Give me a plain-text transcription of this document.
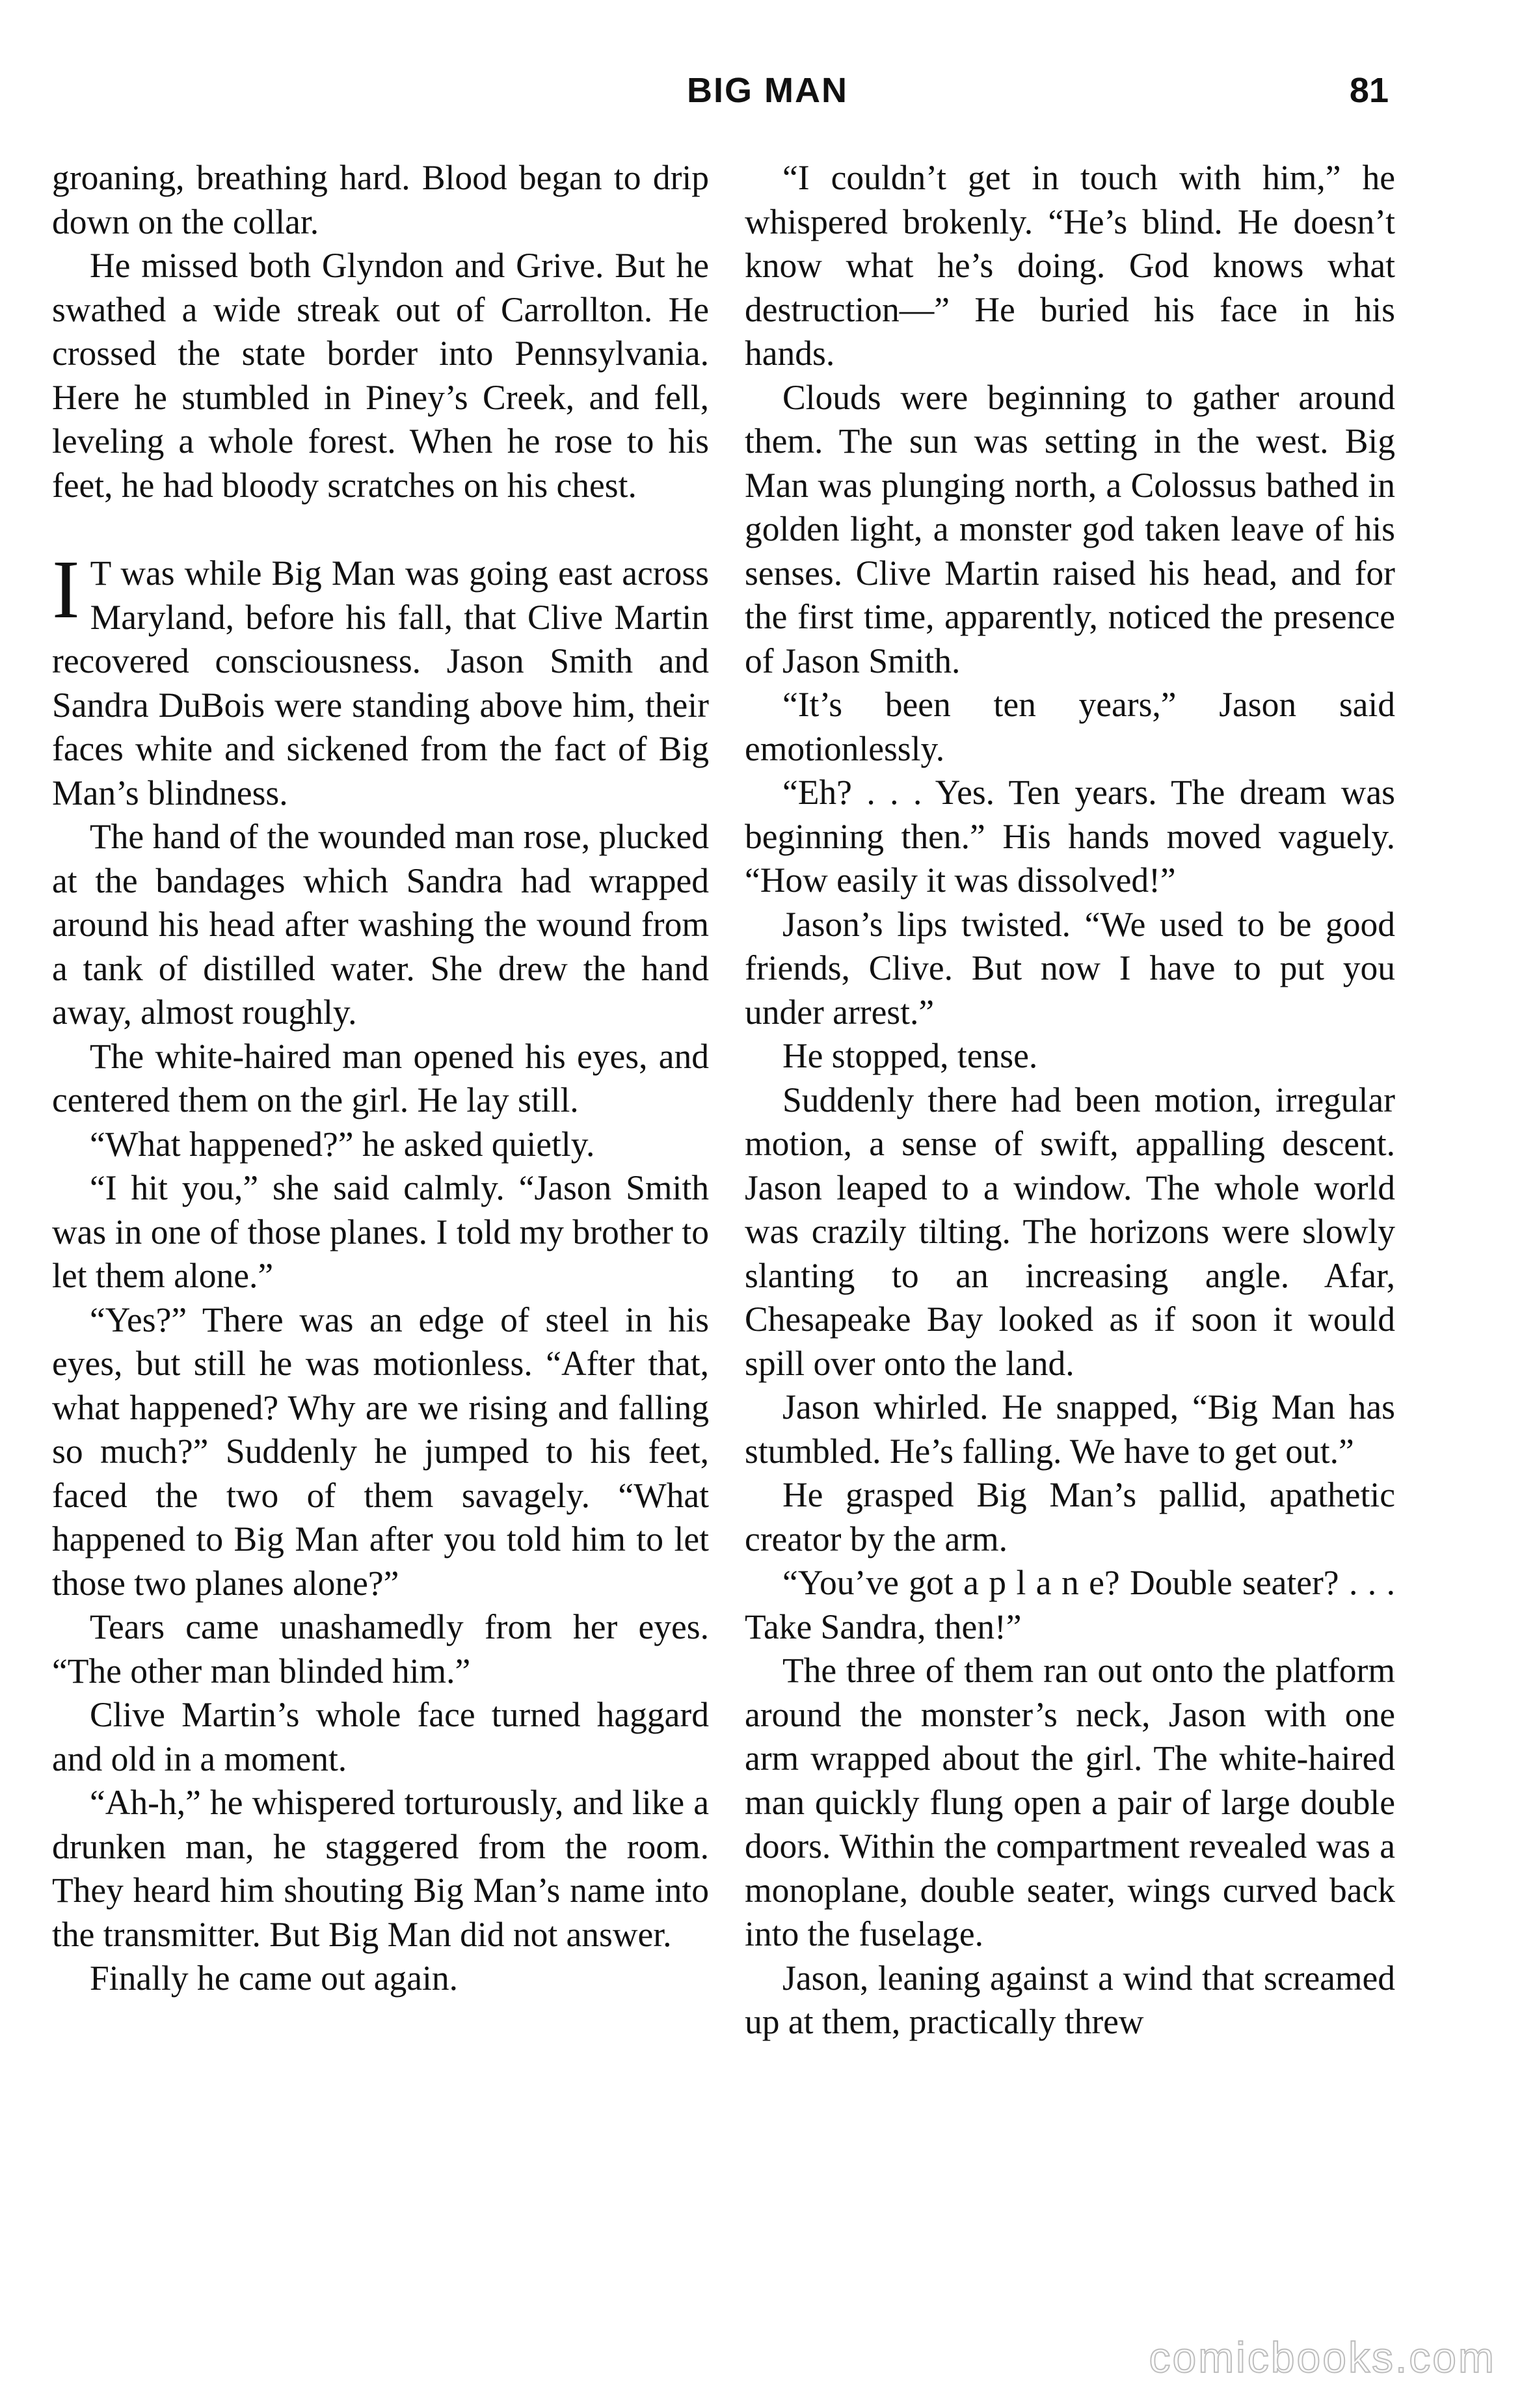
BIG MAN	81

groaning, breathing hard. Blood began to drip down on the collar.

He missed both Glyndon and Grive. But he swathed a wide streak out of Carrollton. He crossed the state border into Pennsylvania. Here he stumbled in Piney’s Creek, and fell, leveling a whole forest. When he rose to his feet, he had bloody scratches on his chest.

I T was while Big Man was going east across Maryland, before his fall, that Clive Martin recovered consciousness. Jason Smith and Sandra DuBois were standing above him, their faces white and sickened from the fact of Big Man’s blindness.

The hand of the wounded man rose, plucked at the bandages which Sandra had wrapped around his head after washing the wound from a tank of distilled water. She drew the hand away, almost roughly.

The white-haired man opened his eyes, and centered them on the girl. He lay still.

“What happened?” he asked quietly.

“I hit you,” she said calmly. “Jason Smith was in one of those planes. I told my brother to let them alone.”

“Yes?” There was an edge of steel in his eyes, but still he was motionless. “After that, what happened? Why are we rising and falling so much?” Suddenly he jumped to his feet, faced the two of them savagely. “What happened to Big Man after you told him to let those two planes alone?”

Tears came unashamedly from her eyes. “The other man blinded him.”

Clive Martin’s whole face turned haggard and old in a moment.

“Ah-h,” he whispered torturously, and like a drunken man, he staggered from the room. They heard him shouting Big Man’s name into the transmitter. But Big Man did not answer.

Finally he came out again.

“I couldn’t get in touch with him,” he whispered brokenly. “He’s blind. He doesn’t know what he’s doing. God knows what destruction—” He buried his face in his hands.

Clouds were beginning to gather around them. The sun was setting in the west. Big Man was plunging north, a Colossus bathed in golden light, a monster god taken leave of his senses. Clive Martin raised his head, and for the first time, apparently, noticed the presence of Jason Smith.

“It’s been ten years,” Jason said emotionlessly.

“Eh? . . . Yes. Ten years. The dream was beginning then.” His hands moved vaguely. “How easily it was dissolved!”

Jason’s lips twisted. “We used to be good friends, Clive. But now I have to put you under arrest.”

He stopped, tense.

Suddenly there had been motion, irregular motion, a sense of swift, appalling descent. Jason leaped to a window. The whole world was crazily tilting. The horizons were slowly slanting to an increasing angle. Afar, Chesapeake Bay looked as if soon it would spill over onto the land.

Jason whirled. He snapped, “Big Man has stumbled. He’s falling. We have to get out.”

He grasped Big Man’s pallid, apathetic creator by the arm.

“You’ve got a p l a n e? Double seater? . . . Take Sandra, then!”

The three of them ran out onto the platform around the monster’s neck, Jason with one arm wrapped about the girl. The white-haired man quickly flung open a pair of large double doors. Within the compartment revealed was a monoplane, double seater, wings curved back into the fuselage.

Jason, leaning against a wind that screamed up at them, practically threw

comicbooks.com
